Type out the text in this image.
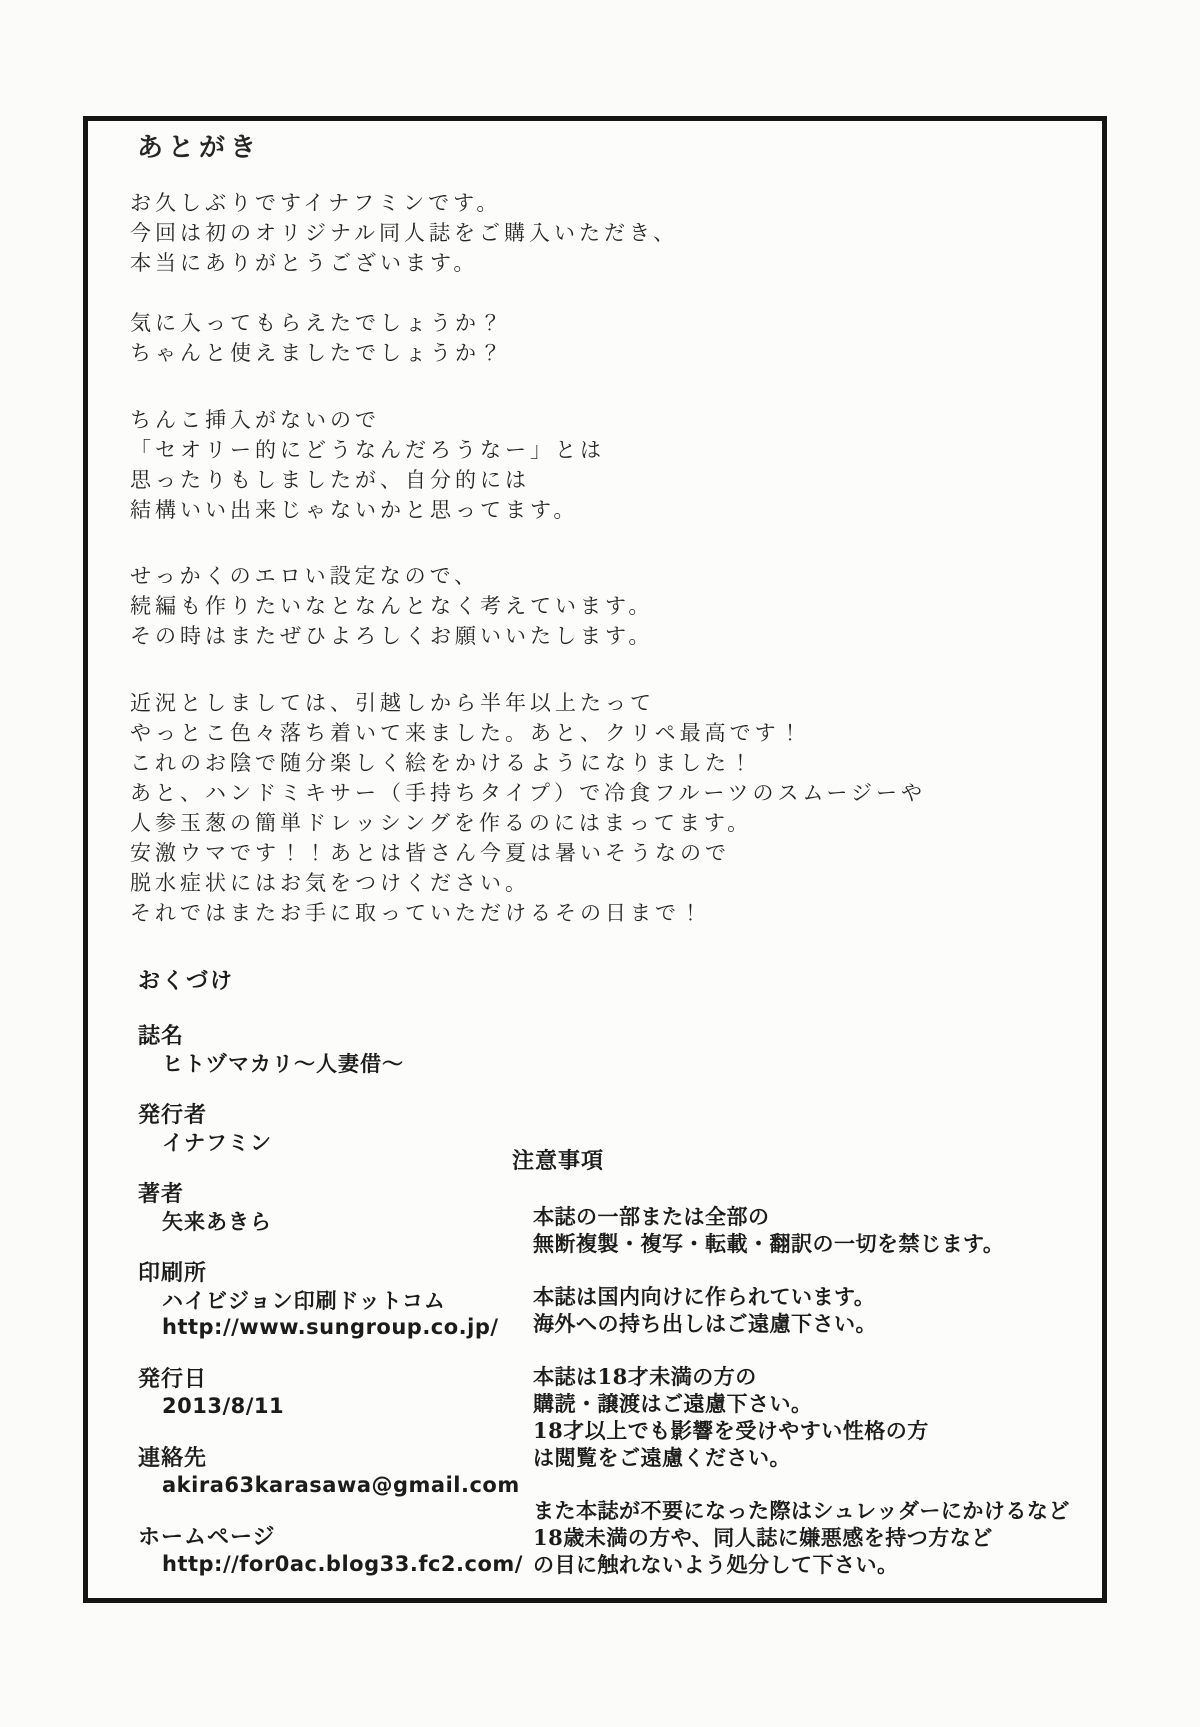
あとがき
お久しぶりですイナフミンです。
今回は初のオリジナル同人誌をご購入いただき、
本当にありがとうございます。
気に入ってもらえたでしょうか？
ちゃんと使えましたでしょうか？
ちんこ挿入がないので
「セオリー的にどうなんだろうなー」とは
思ったりもしましたが、自分的には
結構いい出来じゃないかと思ってます。
せっかくのエロい設定なので、
続編も作りたいなとなんとなく考えています。
その時はまたぜひよろしくお願いいたします。
近況としましては、引越しから半年以上たって
やっとこ色々落ち着いて来ました。あと、クリペ最高です！
これのお陰で随分楽しく絵をかけるようになりました！
あと、ハンドミキサー（手持ちタイプ）で冷食フルーツのスムージーや
人参玉葱の簡単ドレッシングを作るのにはまってます。
安激ウマです！！あとは皆さん今夏は暑いそうなので
脱水症状にはお気をつけください。
それではまたお手に取っていただけるその日まで！
おくづけ
誌名
ヒトヅマカリ～人妻借～
発行者
イナフミン
著者
矢来あきら
印刷所
ハイビジョン印刷ドットコム
http://www.sungroup.co.jp/
発行日
2013/8/11
連絡先
akira63karasawa@gmail.com
ホームページ
http://for0ac.blog33.fc2.com/
注意事項
本誌の一部または全部の
無断複製・複写・転載・翻訳の一切を禁じます。
本誌は国内向けに作られています。
海外への持ち出しはご遠慮下さい。
本誌は18才未満の方の
購読・譲渡はご遠慮下さい。
18才以上でも影響を受けやすい性格の方
は閲覧をご遠慮ください。
また本誌が不要になった際はシュレッダーにかけるなど
18歳未満の方や、同人誌に嫌悪感を持つ方など
の目に触れないよう処分して下さい。
